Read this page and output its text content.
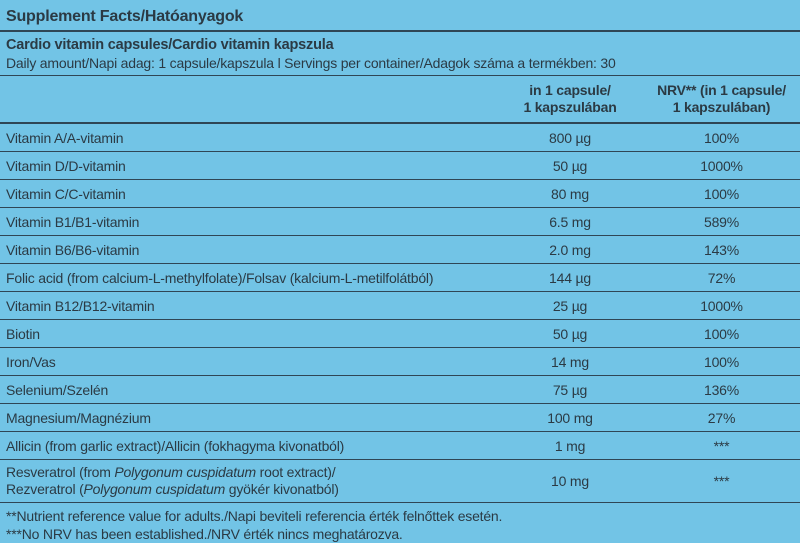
Supplement Facts/Hatóanyagok
Cardio vitamin capsules/Cardio vitamin kapszula
Daily amount/Napi adag: 1 capsule/kapszula l Servings per container/Adagok száma a termékben: 30
	in 1 capsule/
1 kapszulában	NRV** (in 1 capsule/
1 kapszulában)
Vitamin A/A-vitamin	800 µg	100%
Vitamin D/D-vitamin	50 µg	1000%
Vitamin C/C-vitamin	80 mg	100%
Vitamin B1/B1-vitamin	6.5 mg	589%
Vitamin B6/B6-vitamin	2.0 mg	143%
Folic acid (from calcium-L-methylfolate)/Folsav (kalcium-L-metilfolátból)	144 µg	72%
Vitamin B12/B12-vitamin	25 µg	1000%
Biotin	50 µg	100%
Iron/Vas	14 mg	100%
Selenium/Szelén	75 µg	136%
Magnesium/Magnézium	100 mg	27%
Allicin (from garlic extract)/Allicin (fokhagyma kivonatból)	1 mg	***
Resveratrol (from Polygonum cuspidatum root extract)/
Rezveratrol (Polygonum cuspidatum gyökér kivonatból)	10 mg	***
**Nutrient reference value for adults./Napi beviteli referencia érték felnőttek esetén.
***No NRV has been established./NRV érték nincs meghatározva.
